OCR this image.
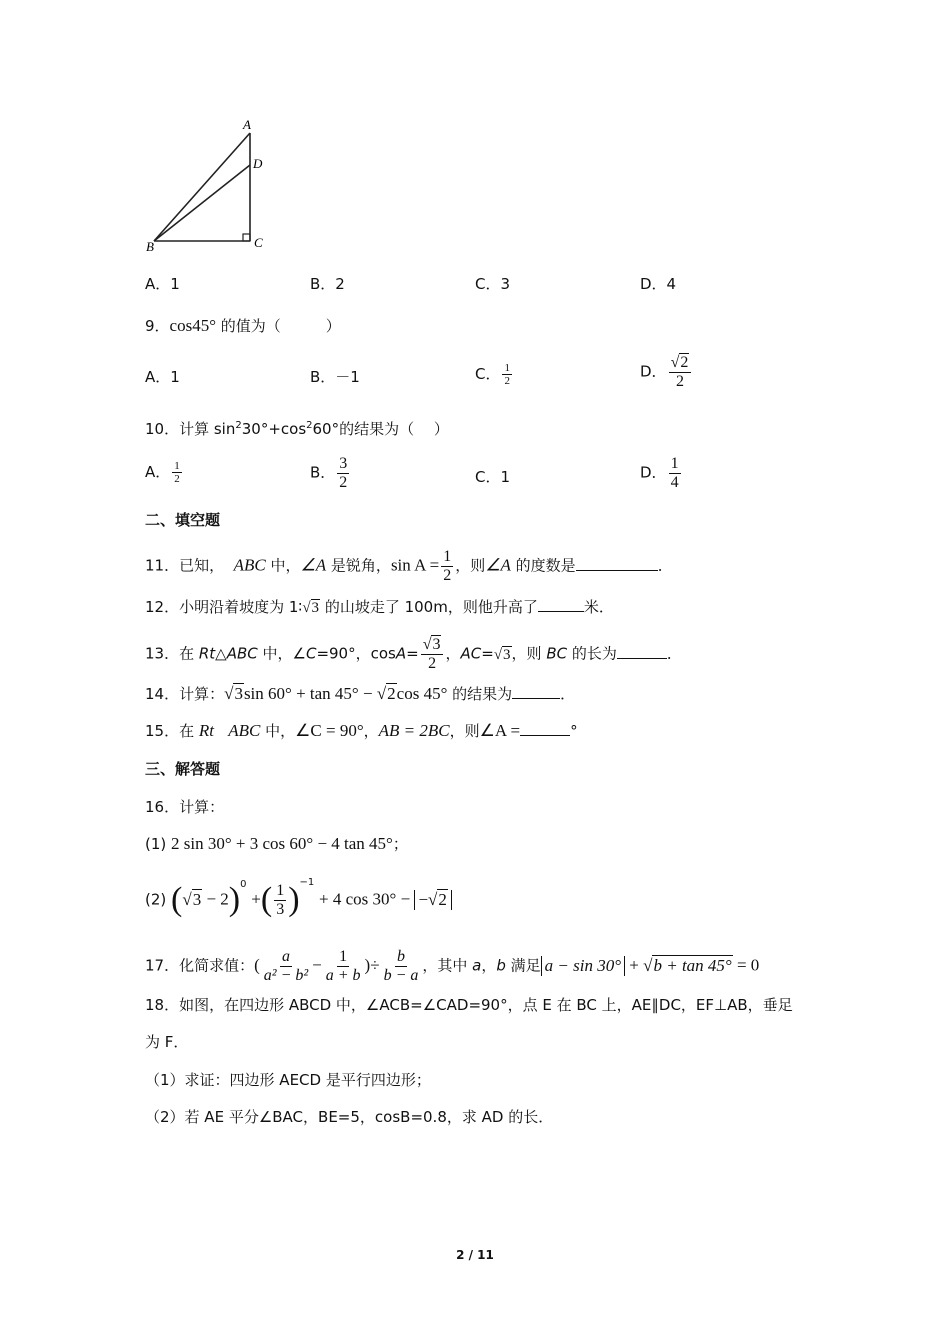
A
D
B	C
A．1	B．2	C．3	D．4
9．cos45° 的值为（　　　）
A．1	B．－1	C． $\frac{1}{2}$	D． $\frac{√2}{2}$
10．计算 $\sin^230^\circ+\cos^260^\circ$的结果为（　 ）
A． $\frac{1}{2}$	B． $\frac{3}{2}$	C．1	D． $\frac{1}{4}$
二、填空题
11．已知， ABC 中，∠A 是锐角，$\sin A = \frac{1}{2}$ ，则∠A 的度数是	．
12．小明沿着坡度为 1∶√3 的山坡走了 100m，则他升高了	米．
13．在 Rt△ABC 中，∠C=90°，$\cos A= \frac{√3}{2}$ ，AC=√3，则 BC 的长为	．
14．计算：√3sin 60° + tan 45° − √2cos 45° 的结果为	．
15．在 Rt ABC 中，∠C = 90°，AB = 2BC，则∠A =	°
三、解答题
16．计算：
(1) 2 sin 30° + 3 cos 60° − 4 tan 45°；
(2) $(√3 - 2)^0$ +( $\frac{1}{3} )^{-1} + 4$ cos 30° − −√2
17．化简求值：( $\frac{a}{\text{a² − b²}} - \frac{1}{a + b}$ )÷ $\frac{b}{b - a}$ ，其中 a，b 满足 a − sin 30° + √b + tan 45° = 0
18．如图，在四边形 ABCD 中，∠ACB=∠CAD=90°，点 E 在 BC 上，AE∥DC，EF⊥AB，垂足
为 F．
（1）求证：四边形 AECD 是平行四边形；
（2）若 AE 平分∠BAC，BE=5，cosB=0.8，求 AD 的长．
2 / 11
